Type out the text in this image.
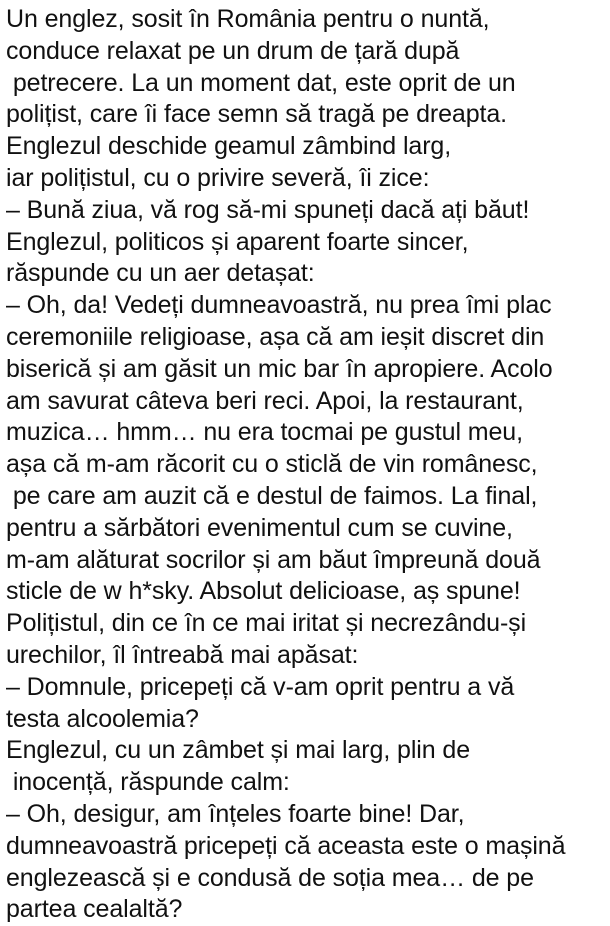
Un englez, sosit în România pentru o nuntă,
conduce relaxat pe un drum de țară după
petrecere. La un moment dat, este oprit de un
polițist, care îi face semn să tragă pe dreapta.
Englezul deschide geamul zâmbind larg,
iar polițistul, cu o privire severă, îi zice:
– Bună ziua, vă rog să-mi spuneți dacă ați băut!
Englezul, politicos și aparent foarte sincer,
răspunde cu un aer detașat:
– Oh, da! Vedeți dumneavoastră, nu prea îmi plac
ceremoniile religioase, așa că am ieșit discret din
biserică și am găsit un mic bar în apropiere. Acolo
am savurat câteva beri reci. Apoi, la restaurant,
muzica… hmm… nu era tocmai pe gustul meu,
așa că m-am răcorit cu o sticlă de vin românesc,
pe care am auzit că e destul de faimos. La final,
pentru a sărbători evenimentul cum se cuvine,
m-am alăturat socrilor și am băut împreună două
sticle de w h*sky. Absolut delicioase, aș spune!
Polițistul, din ce în ce mai iritat și necrezându-și
urechilor, îl întreabă mai apăsat:
– Domnule, pricepeți că v-am oprit pentru a vă
testa alcoolemia?
Englezul, cu un zâmbet și mai larg, plin de
inocență, răspunde calm:
– Oh, desigur, am înțeles foarte bine! Dar,
dumneavoastră pricepeți că aceasta este o mașină
englezească și e condusă de soția mea… de pe
partea cealaltă?
